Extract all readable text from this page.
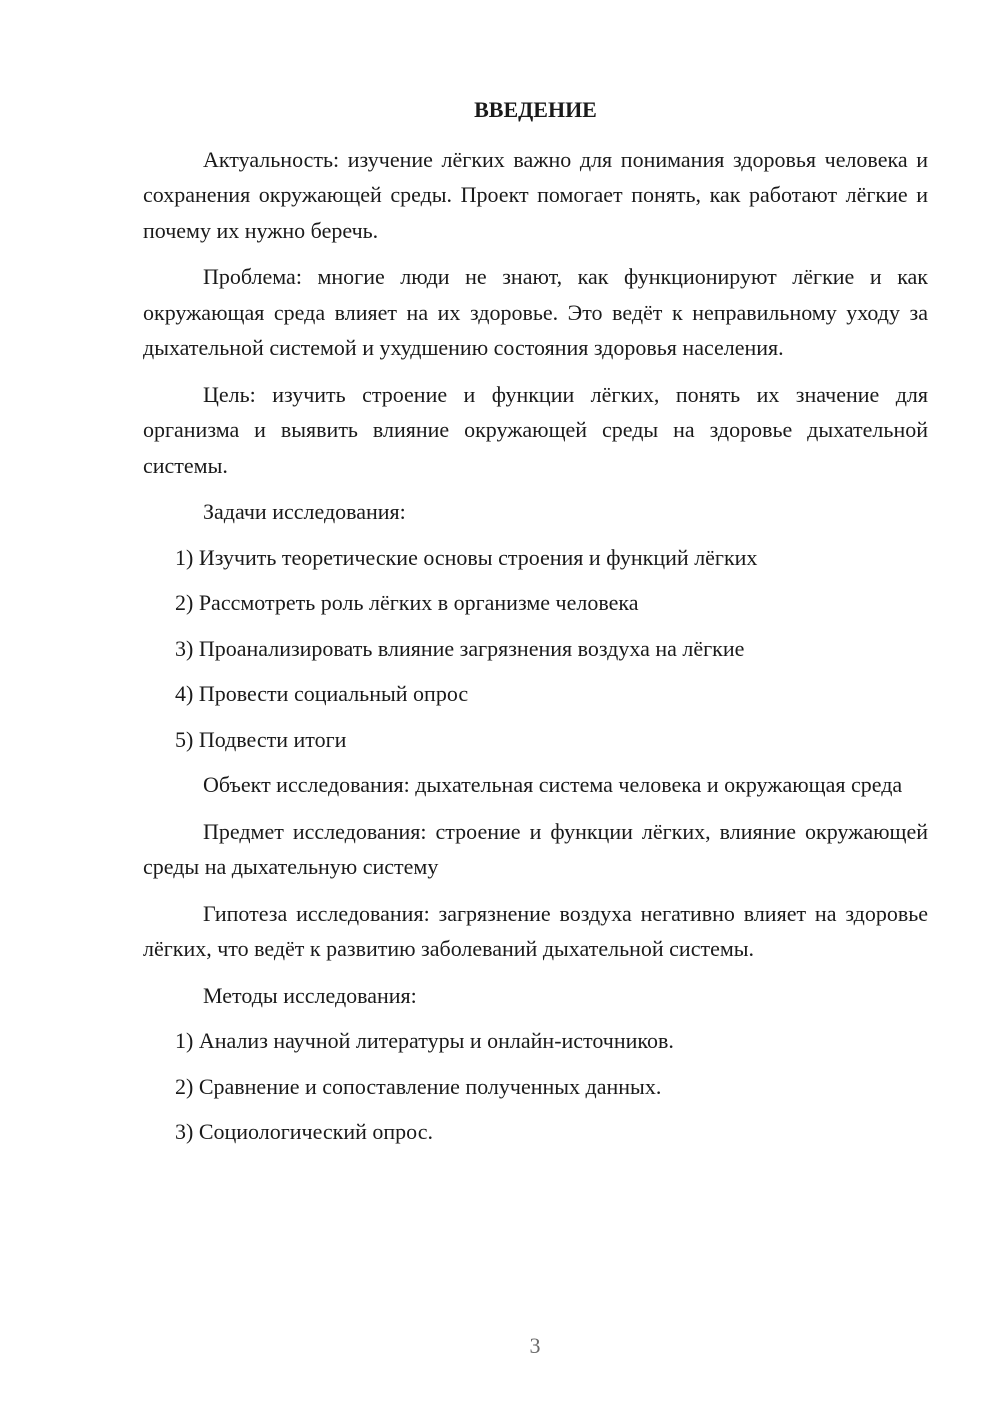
ВВЕДЕНИЕ

Актуальность: изучение лёгких важно для понимания здоровья человека и сохранения окружающей среды. Проект помогает понять, как работают лёгкие и почему их нужно беречь.

Проблема: многие люди не знают, как функционируют лёгкие и как окружающая среда влияет на их здоровье. Это ведёт к неправильному уходу за дыхательной системой и ухудшению состояния здоровья населения.

Цель: изучить строение и функции лёгких, понять их значение для организма и выявить влияние окружающей среды на здоровье дыхательной системы.

Задачи исследования:
1) Изучить теоретические основы строения и функций лёгких
2) Рассмотреть роль лёгких в организме человека
3) Проанализировать влияние загрязнения воздуха на лёгкие
4) Провести социальный опрос
5) Подвести итоги

Объект исследования: дыхательная система человека и окружающая среда

Предмет исследования: строение и функции лёгких, влияние окружающей среды на дыхательную систему

Гипотеза исследования: загрязнение воздуха негативно влияет на здоровье лёгких, что ведёт к развитию заболеваний дыхательной системы.

Методы исследования:
1) Анализ научной литературы и онлайн-источников.
2) Сравнение и сопоставление полученных данных.
3) Социологический опрос.
3
